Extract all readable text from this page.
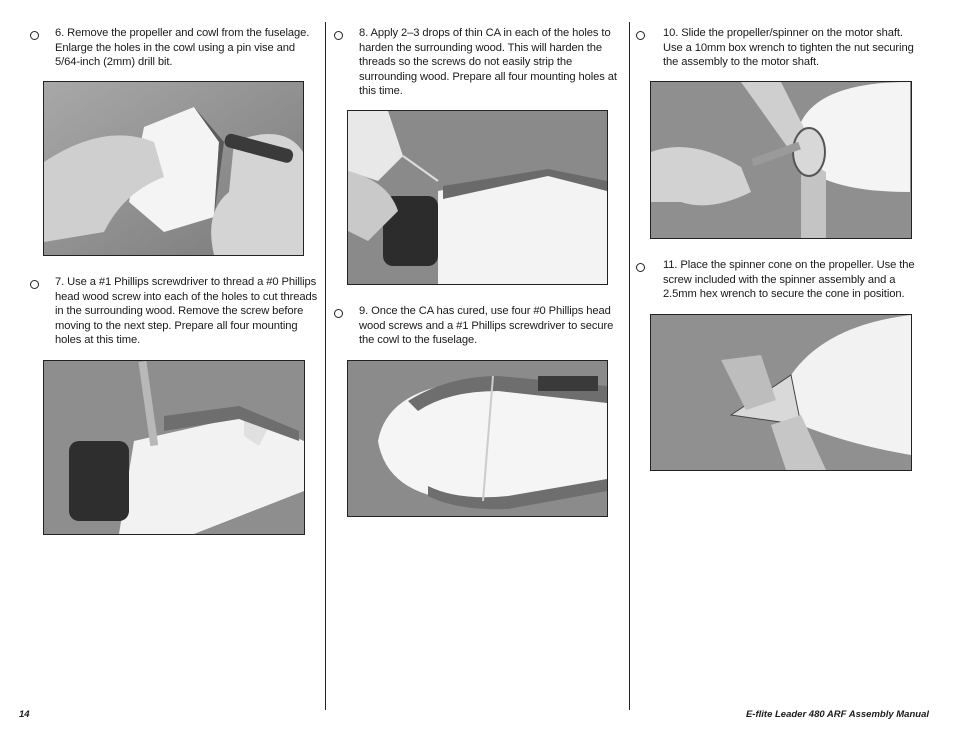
6. Remove the propeller and cowl from the fuselage. Enlarge the holes in the cowl using a pin vise and 5/64-inch (2mm) drill bit.
7. Use a #1 Phillips screwdriver to thread a #0 Phillips head wood screw into each of the holes to cut threads in the surrounding wood. Remove the screw before moving to the next step. Prepare all four mounting holes at this time.
8. Apply 2–3 drops of thin CA in each of the holes to harden the surrounding wood. This will harden the threads so the screws do not easily strip the surrounding wood. Prepare all four mounting holes at this time.
9. Once the CA has cured, use four #0 Phillips head wood screws and a #1 Phillips screwdriver to secure the cowl to the fuselage.
10. Slide the propeller/spinner on the motor shaft. Use a 10mm box wrench to tighten the nut securing the assembly to the motor shaft.
11. Place the spinner cone on the propeller. Use the screw included with the spinner assembly and a 2.5mm hex wrench to secure the cone in position.
14	E-flite Leader 480 ARF Assembly Manual
